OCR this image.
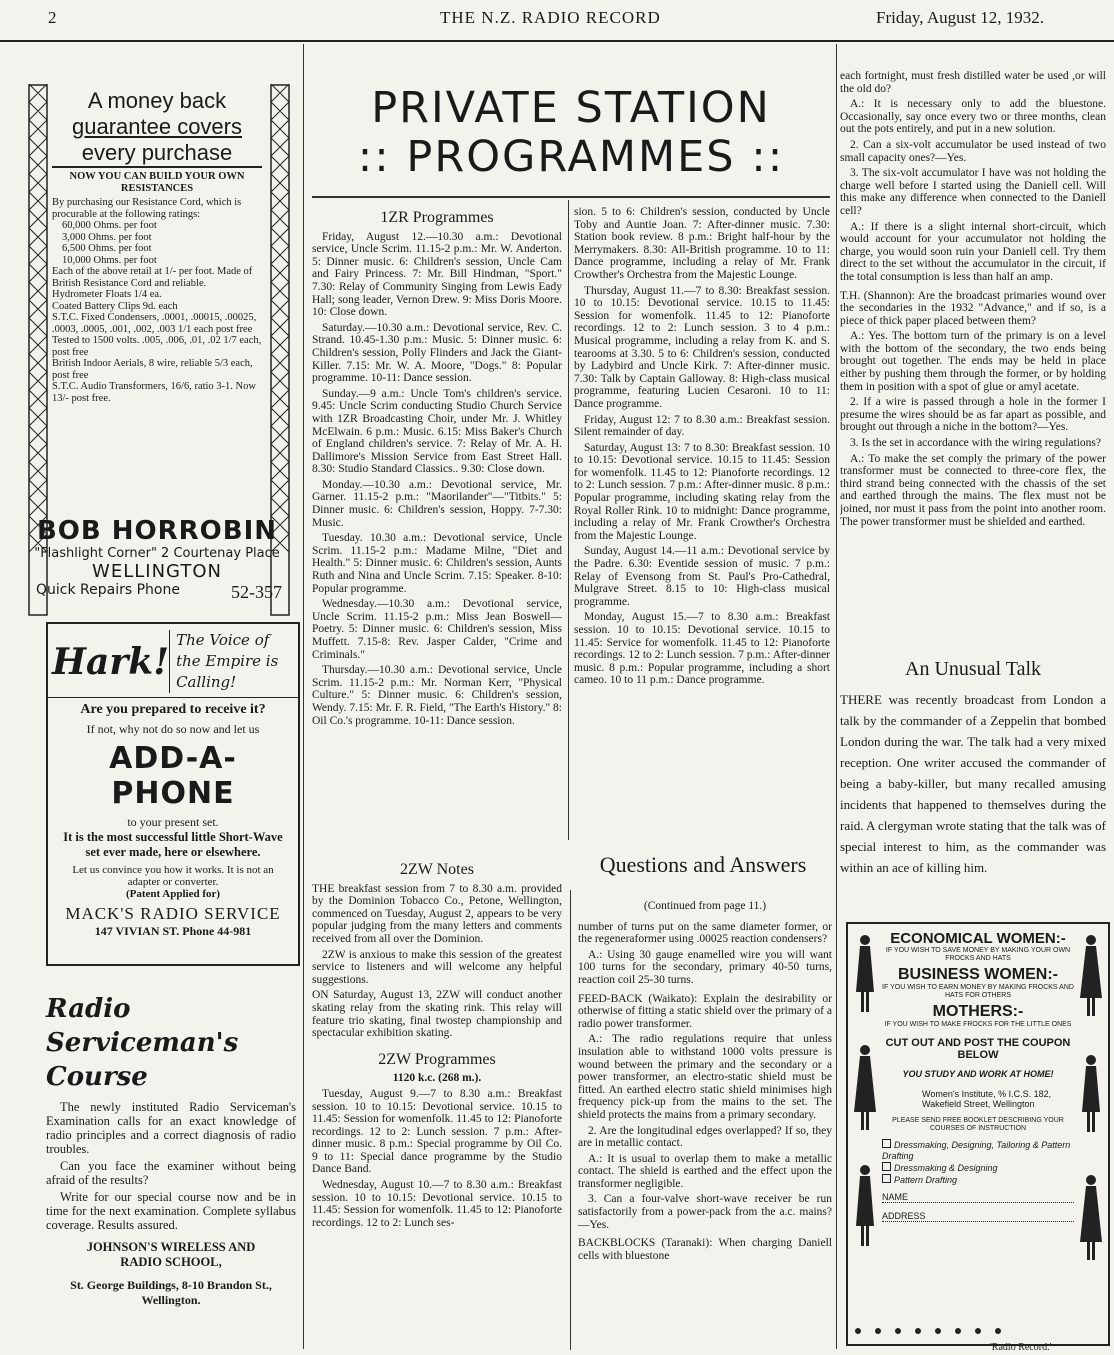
2	THE N.Z. RADIO RECORD	Friday, August 12, 1932.
A money back
guarantee covers
every purchase
NOW YOU CAN BUILD YOUR OWN RESISTANCES
By purchasing our Resistance Cord, which is procurable at the following ratings:
60,000 Ohms. per foot
3,000 Ohms. per foot
6,500 Ohms. per foot
10,000 Ohms. per foot
Each of the above retail at 1/- per foot. Made of British Resistance Cord and reliable.
Hydrometer Floats 1/4 ea.
Coated Battery Clips 9d. each
S.T.C. Fixed Condensers, .0001, .00015, .00025, .0003, .0005, .001, .002, .003 1/1 each post free
Tested to 1500 volts. .005, .006, .01, .02 1/7 each, post free
British Indoor Aerials, 8 wire, reliable 5/3 each, post free
S.T.C. Audio Transformers, 16/6, ratio 3-1. Now 13/- post free.
BOB HORROBIN
"Flashlight Corner" 2 Courtenay Place
WELLINGTON
Quick Repairs Phone	52-357
Hark!
The Voice of the Empire is Calling!
Are you prepared to receive it?
If not, why not do so now and let us
ADD-A-PHONE
to your present set.
It is the most successful little Short-Wave set ever made, here or elsewhere.
Let us convince you how it works. It is not an adapter or converter.
(Patent Applied for)
MACK'S RADIO SERVICE
147 VIVIAN ST. Phone 44-981
Radio
Serviceman's
Course

The newly instituted Radio Serviceman's Examination calls for an exact knowledge of radio principles and a correct diagnosis of radio troubles.

Can you face the examiner without being afraid of the results?

Write for our special course now and be in time for the next examination. Complete syllabus coverage. Results assured.

JOHNSON'S WIRELESS AND RADIO SCHOOL,
St. George Buildings, 8-10 Brandon St., Wellington.
PRIVATE STATION
:: PROGRAMMES ::
1ZR Programmes

Friday, August 12.—10.30 a.m.: Devotional service, Uncle Scrim. 11.15-2 p.m.: Mr. W. Anderton. 5: Dinner music. 6: Children's session, Uncle Cam and Fairy Princess. 7: Mr. Bill Hindman, "Sport." 7.30: Relay of Community Singing from Lewis Eady Hall; song leader, Vernon Drew. 9: Miss Doris Moore. 10: Close down.

Saturday.—10.30 a.m.: Devotional service, Rev. C. Strand. 10.45-1.30 p.m.: Music. 5: Dinner music. 6: Children's session, Polly Flinders and Jack the Giant-Killer. 7.15: Mr. W. A. Moore, "Dogs." 8: Popular programme. 10-11: Dance session.

Sunday.—9 a.m.: Uncle Tom's children's service. 9.45: Uncle Scrim conducting Studio Church Service with 1ZR Broadcasting Choir, under Mr. J. Whitley McElwain. 6 p.m.: Music. 6.15: Miss Baker's Church of England children's service. 7: Relay of Mr. A. H. Dallimore's Mission Service from East Street Hall. 8.30: Studio Standard Classics.. 9.30: Close down.

Monday.—10.30 a.m.: Devotional service, Mr. Garner. 11.15-2 p.m.: "Maorilander"—"Titbits." 5: Dinner music. 6: Children's session, Hoppy. 7-7.30: Music.

Tuesday. 10.30 a.m.: Devotional service, Uncle Scrim. 11.15-2 p.m.: Madame Milne, "Diet and Health." 5: Dinner music. 6: Children's session, Aunts Ruth and Nina and Uncle Scrim. 7.15: Speaker. 8-10: Popular programme.

Wednesday.—10.30 a.m.: Devotional service, Uncle Scrim. 11.15-2 p.m.: Miss Jean Boswell—Poetry. 5: Dinner music. 6: Children's session, Miss Muffett. 7.15-8: Rev. Jasper Calder, "Crime and Criminals."

Thursday.—10.30 a.m.: Devotional service, Uncle Scrim. 11.15-2 p.m.: Mr. Norman Kerr, "Physical Culture." 5: Dinner music. 6: Children's session, Wendy. 7.15: Mr. F. R. Field, "The Earth's History." 8: Oil Co.'s programme. 10-11: Dance session.

2ZW Notes

THE breakfast session from 7 to 8.30 a.m. provided by the Dominion Tobacco Co., Petone, Wellington, commenced on Tuesday, August 2, appears to be very popular judging from the many letters and comments received from all over the Dominion.

2ZW is anxious to make this session of the greatest service to listeners and will welcome any helpful suggestions.

ON Saturday, August 13, 2ZW will conduct another skating relay from the skating rink. This relay will feature trio skating, final twostep championship and spectacular exhibition skating.

2ZW Programmes
1120 k.c. (268 m.).

Tuesday, August 9.—7 to 8.30 a.m.: Breakfast session. 10 to 10.15: Devotional service. 10.15 to 11.45: Session for womenfolk. 11.45 to 12: Pianoforte recordings. 12 to 2: Lunch session. 7 p.m.: After-dinner music. 8 p.m.: Special programme by Oil Co. 9 to 11: Special dance programme by the Studio Dance Band.

Wednesday, August 10.—7 to 8.30 a.m.: Breakfast session. 10 to 10.15: Devotional service. 10.15 to 11.45: Session for womenfolk. 11.45 to 12: Pianoforte recordings. 12 to 2: Lunch ses-

sion. 5 to 6: Children's session, conducted by Uncle Toby and Auntie Joan. 7: After-dinner music. 7.30: Station book review. 8 p.m.: Bright half-hour by the Merrymakers. 8.30: All-British programme. 10 to 11: Dance programme, including a relay of Mr. Frank Crowther's Orchestra from the Majestic Lounge.

Thursday, August 11.—7 to 8.30: Breakfast session. 10 to 10.15: Devotional service. 10.15 to 11.45: Session for womenfolk. 11.45 to 12: Pianoforte recordings. 12 to 2: Lunch session. 3 to 4 p.m.: Musical programme, including a relay from K. and S. tearooms at 3.30. 5 to 6: Children's session, conducted by Ladybird and Uncle Kirk. 7: After-dinner music. 7.30: Talk by Captain Galloway. 8: High-class musical programme, featuring Lucien Cesaroni. 10 to 11: Dance programme.

Friday, August 12: 7 to 8.30 a.m.: Breakfast session. Silent remainder of day.

Saturday, August 13: 7 to 8.30: Breakfast session. 10 to 10.15: Devotional service. 10.15 to 11.45: Session for womenfolk. 11.45 to 12: Pianoforte recordings. 12 to 2: Lunch session. 7 p.m.: After-dinner music. 8 p.m.: Popular programme, including skating relay from the Royal Roller Rink. 10 to midnight: Dance programme, including a relay of Mr. Frank Crowther's Orchestra from the Majestic Lounge.

Sunday, August 14.—11 a.m.: Devotional service by the Padre. 6.30: Eventide session of music. 7 p.m.: Relay of Evensong from St. Paul's Pro-Cathedral, Mulgrave Street. 8.15 to 10: High-class musical programme.

Monday, August 15.—7 to 8.30 a.m.: Breakfast session. 10 to 10.15: Devotional service. 10.15 to 11.45: Service for womenfolk. 11.45 to 12: Pianoforte recordings. 12 to 2: Lunch session. 7 p.m.: After-dinner music. 8 p.m.: Popular programme, including a short cameo. 10 to 11 p.m.: Dance programme.

Questions and Answers
(Continued from page 11.)

number of turns put on the same diameter former, or the regeneraformer using .00025 reaction condensers?

A.: Using 30 gauge enamelled wire you will want 100 turns for the secondary, primary 40-50 turns, reaction coil 25-30 turns.

FEED-BACK (Waikato): Explain the desirability or otherwise of fitting a static shield over the primary of a radio power transformer.

A.: The radio regulations require that unless insulation able to withstand 1000 volts pressure is wound between the primary and the secondary or a power transformer, an electro-static shield must be fitted. An earthed electro static shield minimises high frequency pick-up from the mains to the set. The shield protects the mains from a primary secondary.

2. Are the longitudinal edges overlapped? If so, they are in metallic contact.

A.: It is usual to overlap them to make a metallic contact. The shield is earthed and the effect upon the transformer negligible.

3. Can a four-valve short-wave receiver be run satisfactorily from a power-pack from the a.c. mains?—Yes.

BACKBLOCKS (Taranaki): When charging Daniell cells with bluestone

each fortnight, must fresh distilled water be used ,or will the old do?

A.: It is necessary only to add the bluestone. Occasionally, say once every two or three months, clean out the pots entirely, and put in a new solution.

2. Can a six-volt accumulator be used instead of two small capacity ones?—Yes.

3. The six-volt accumulator I have was not holding the charge well before I started using the Daniell cell. Will this make any difference when connected to the Daniell cell?

A.: If there is a slight internal short-circuit, which would account for your accumulator not holding the charge, you would soon ruin your Daniell cell. Try them direct to the set without the accumulator in the circuit, if the total consumption is less than half an amp.

T.H. (Shannon): Are the broadcast primaries wound over the secondaries in the 1932 "Advance," and if so, is a piece of thick paper placed between them?

A.: Yes. The bottom turn of the primary is on a level with the bottom of the secondary, the two ends being brought out together. The ends may be held in place either by pushing them through the former, or by holding them in position with a spot of glue or amyl acetate.

2. If a wire is passed through a hole in the former I presume the wires should be as far apart as possible, and brought out through a niche in the bottom?—Yes.

3. Is the set in accordance with the wiring regulations?

A.: To make the set comply the primary of the power transformer must be connected to three-core flex, the third strand being connected with the chassis of the set and earthed through the mains. The flex must not be joined, nor must it pass from the point into another room. The power transformer must be shielded and earthed.

An Unusual Talk

THERE was recently broadcast from London a talk by the commander of a Zeppelin that bombed London during the war. The talk had a very mixed reception. One writer accused the commander of being a baby-killer, but many recalled amusing incidents that happened to themselves during the raid. A clergyman wrote stating that the talk was of special interest to him, as the commander was within an ace of killing him.

ECONOMICAL WOMEN:-
IF YOU WISH TO SAVE MONEY BY MAKING YOUR OWN FROCKS AND HATS
BUSINESS WOMEN:-
IF YOU WISH TO EARN MONEY BY MAKING FROCKS AND HATS FOR OTHERS
MOTHERS:-
IF YOU WISH TO MAKE FROCKS FOR THE LITTLE ONES
CUT OUT AND POST THE COUPON BELOW
YOU STUDY AND WORK AT HOME!
Women's Institute, % I.C.S. 182, Wakefield Street, Wellington
PLEASE SEND FREE BOOKLET DESCRIBING YOUR COURSES OF INSTRUCTION
Dressmaking, Designing, Tailoring & Pattern Drafting
Dressmaking & Designing
Pattern Drafting
NAME
ADDRESS
'Radio Record.'
